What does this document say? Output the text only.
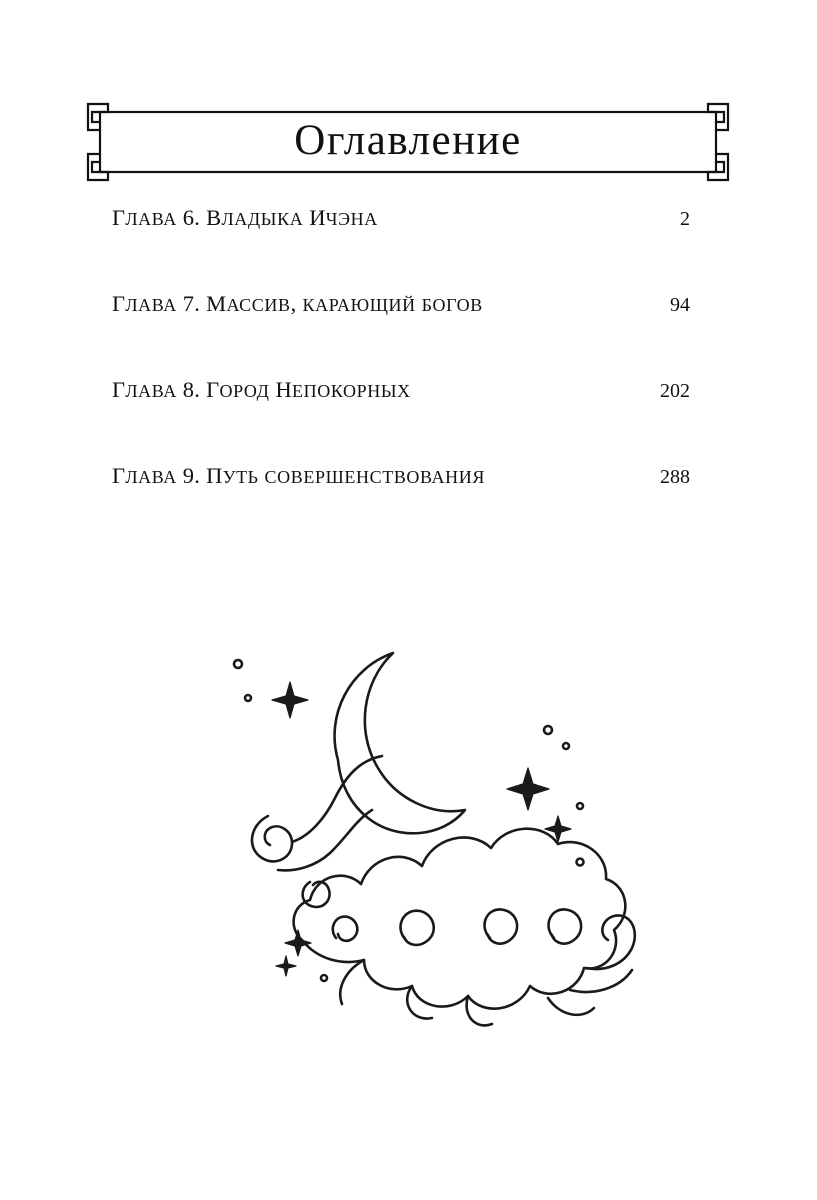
Оглавление
ГЛАВА 6. ВЛАДЫКА ИЧЭНА	2
ГЛАВА 7. МАССИВ, КАРАЮЩИЙ БОГОВ	94
ГЛАВА 8. ГОРОД НЕПОКОРНЫХ	202
ГЛАВА 9. ПУТЬ СОВЕРШЕНСТВОВАНИЯ	288
